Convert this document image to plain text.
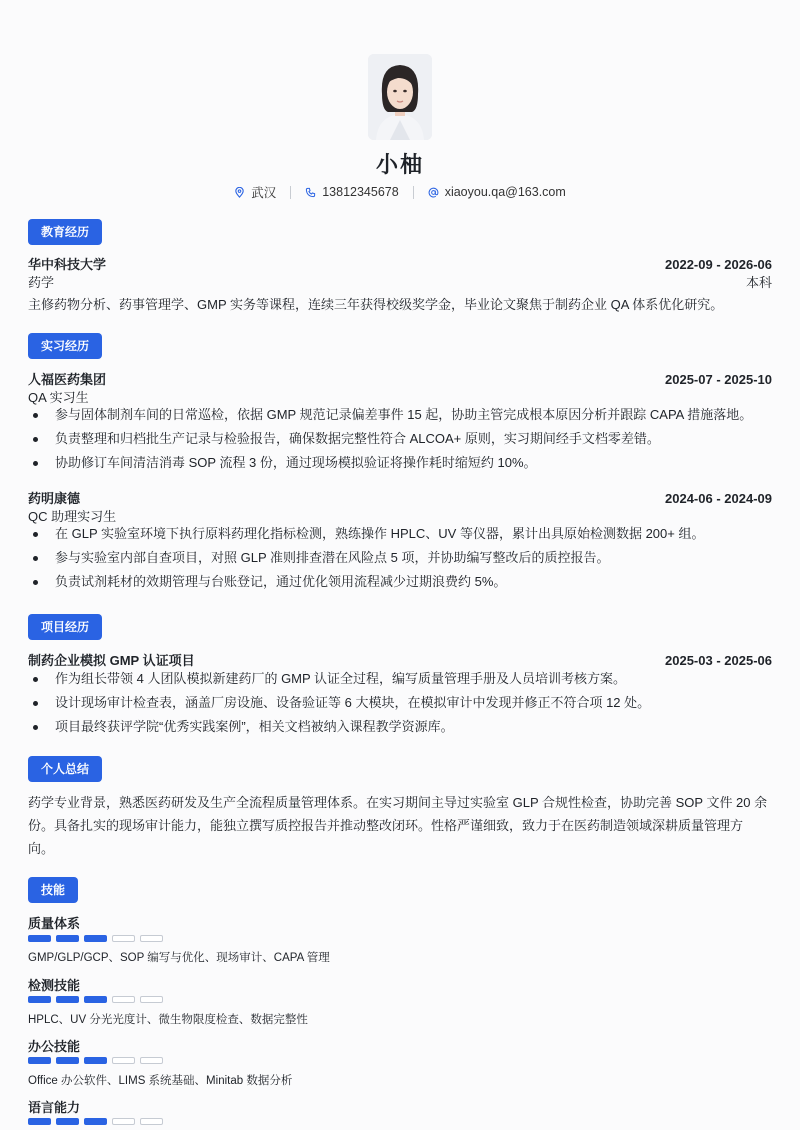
小柚
武汉	13812345678	xiaoyou.qa@163.com
教育经历
华中科技大学	2022-09 - 2026-06
药学	本科
主修药物分析、药事管理学、GMP 实务等课程，连续三年获得校级奖学金，毕业论文聚焦于制药企业 QA 体系优化研究。
实习经历
人福医药集团	2025-07 - 2025-10
QA 实习生
参与固体制剂车间的日常巡检，依据 GMP 规范记录偏差事件 15 起，协助主管完成根本原因分析并跟踪 CAPA 措施落地。
负责整理和归档批生产记录与检验报告，确保数据完整性符合 ALCOA+ 原则，实习期间经手文档零差错。
协助修订车间清洁消毒 SOP 流程 3 份，通过现场模拟验证将操作耗时缩短约 10%。
药明康德	2024-06 - 2024-09
QC 助理实习生
在 GLP 实验室环境下执行原料药理化指标检测，熟练操作 HPLC、UV 等仪器，累计出具原始检测数据 200+ 组。
参与实验室内部自查项目，对照 GLP 准则排查潜在风险点 5 项，并协助编写整改后的质控报告。
负责试剂耗材的效期管理与台账登记，通过优化领用流程减少过期浪费约 5%。
项目经历
制药企业模拟 GMP 认证项目	2025-03 - 2025-06
作为组长带领 4 人团队模拟新建药厂的 GMP 认证全过程，编写质量管理手册及人员培训考核方案。
设计现场审计检查表，涵盖厂房设施、设备验证等 6 大模块，在模拟审计中发现并修正不符合项 12 处。
项目最终获评学院“优秀实践案例”，相关文档被纳入课程教学资源库。
个人总结
药学专业背景，熟悉医药研发及生产全流程质量管理体系。在实习期间主导过实验室 GLP 合规性检查，协助完善 SOP 文件 20 余
份。具备扎实的现场审计能力，能独立撰写质控报告并推动整改闭环。性格严谨细致，致力于在医药制造领域深耕质量管理方
向。
技能
质量体系
GMP/GLP/GCP、SOP 编写与优化、现场审计、CAPA 管理
检测技能
HPLC、UV 分光光度计、微生物限度检查、数据完整性
办公技能
Office 办公软件、LIMS 系统基础、Minitab 数据分析
语言能力
